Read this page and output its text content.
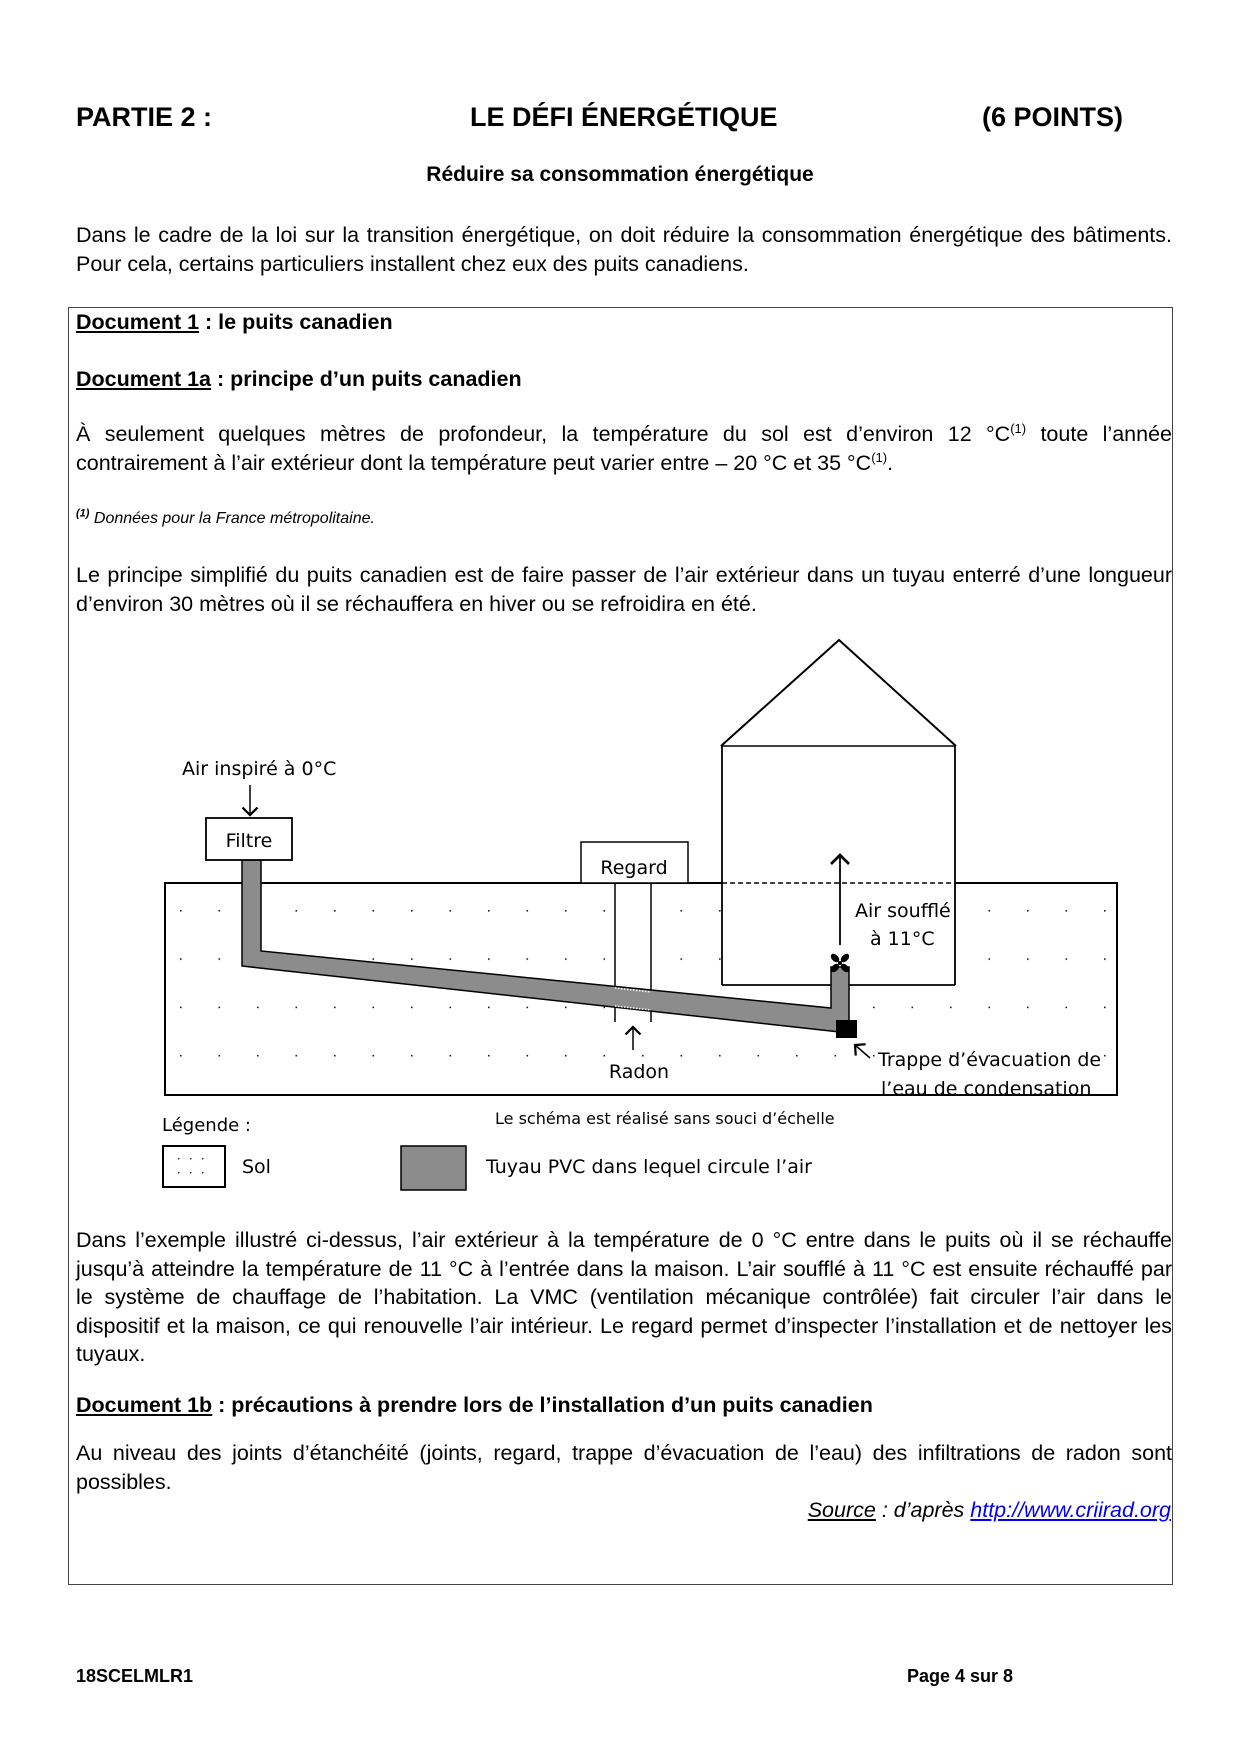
PARTIE 2 :	LE DÉFI ÉNERGÉTIQUE	(6 POINTS)
Réduire sa consommation énergétique
Dans le cadre de la loi sur la transition énergétique, on doit réduire la consommation énergétique des bâtiments. Pour cela, certains particuliers installent chez eux des puits canadiens.
Document 1 : le puits canadien
Document 1a : principe d’un puits canadien
À seulement quelques mètres de profondeur, la température du sol est d’environ 12 $^\circ C^{(1)}$ toute l’année contrairement à l’air extérieur dont la température peut varier entre – 20 °C et 35 $^\circ C^{(1)}$.
$^{(1)}$ Données pour la France métropolitaine.
Le principe simplifié du puits canadien est de faire passer de l’air extérieur dans un tuyau enterré d’une longueur d’environ 30 mètres où il se réchauffera en hiver ou se refroidira en été.
Filtre
Air inspiré à 0°C
Regard
Radon
Air soufflé
à 11°C
Trappe d’évacuation de
l’eau de condensation
Le schéma est réalisé sans souci d’échelle
Légende :
Sol	Tuyau PVC dans lequel circule l’air
Dans l’exemple illustré ci-dessus, l’air extérieur à la température de 0 °C entre dans le puits où il se réchauffe jusqu’à atteindre la température de 11 °C à l’entrée dans la maison. L’air soufflé à 11 °C est ensuite réchauffé par le système de chauffage de l’habitation. La VMC (ventilation mécanique contrôlée) fait circuler l’air dans le dispositif et la maison, ce qui renouvelle l’air intérieur. Le regard permet d’inspecter l’installation et de nettoyer les tuyaux.
Document 1b : précautions à prendre lors de l’installation d’un puits canadien
Au niveau des joints d’étanchéité (joints, regard, trappe d’évacuation de l’eau) des infiltrations de radon sont possibles.
Source : d’après http://www.criirad.org
18SCELMLR1	Page 4 sur 8
